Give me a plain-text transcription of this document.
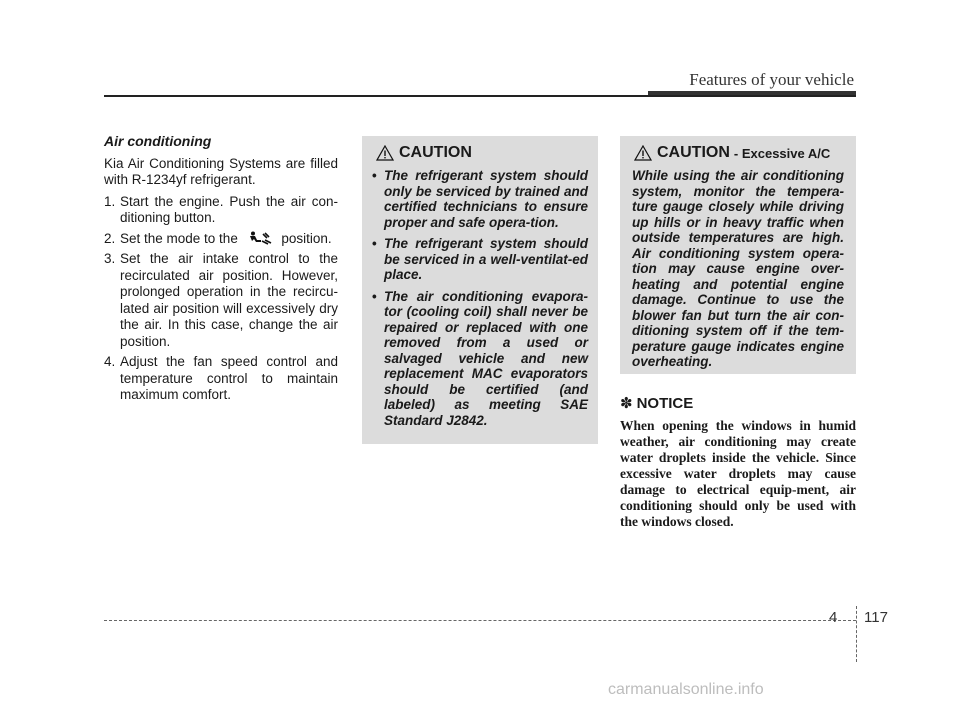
Features of your vehicle
Air conditioning
Kia Air Conditioning Systems are filled with R-1234yf refrigerant.
1. Start the engine. Push the air con-ditioning button.
2. Set the mode to the	position.
3. Set the air intake control to the recirculated air position. However, prolonged operation in the recircu-lated air position will excessively dry the air. In this case, change the air position.
4. Adjust the fan speed control and temperature control to maintain maximum comfort.
CAUTION
• The refrigerant system should only be serviced by trained and certified technicians to ensure proper and safe opera-tion.
• The refrigerant system should be serviced in a well-ventilat-ed place.
• The air conditioning evapora-tor (cooling coil) shall never be repaired or replaced with one removed from a used or salvaged vehicle and new replacement MAC evaporators should be certified (and labeled) as meeting SAE Standard J2842.
CAUTION - Excessive A/C
While using the air conditioning system, monitor the tempera-ture gauge closely while driving up hills or in heavy traffic when outside temperatures are high. Air conditioning system opera-tion may cause engine over-heating and potential engine damage. Continue to use the blower fan but turn the air con-ditioning system off if the tem-perature gauge indicates engine overheating.
✽ NOTICE
When opening the windows in humid weather, air conditioning may create water droplets inside the vehicle. Since excessive water droplets may cause damage to electrical equip-ment, air conditioning should only be used with the windows closed.
4 117
carmanualsonline.info
